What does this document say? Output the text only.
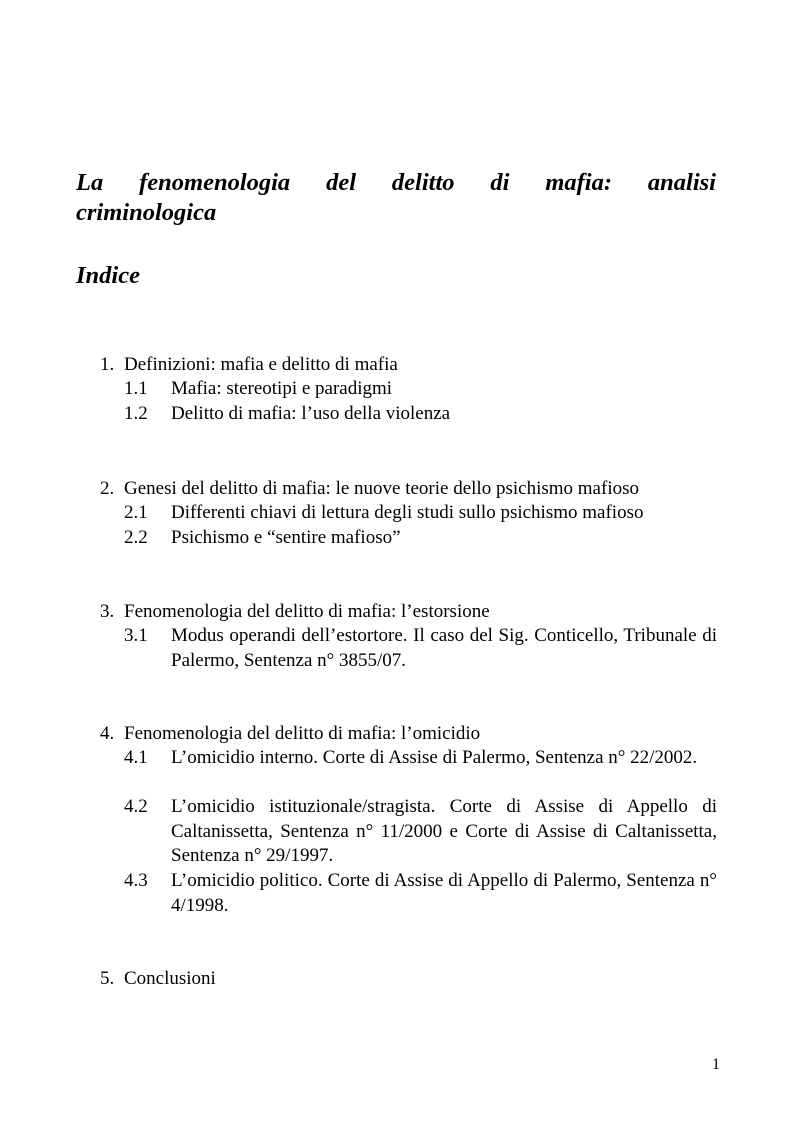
La fenomenologia del delitto di mafia: analisi
criminologica
Indice
1. Definizioni: mafia e delitto di mafia
1.1	Mafia: stereotipi e paradigmi
1.2	Delitto di mafia: l’uso della violenza
2. Genesi del delitto di mafia: le nuove teorie dello psichismo mafioso
2.1	Differenti chiavi di lettura degli studi sullo psichismo mafioso
2.2	Psichismo e “sentire mafioso”
3. Fenomenologia del delitto di mafia: l’estorsione
3.1	Modus operandi dell’estortore. Il caso del Sig. Conticello, Tribunale di Palermo, Sentenza n° 3855/07.
4. Fenomenologia del delitto di mafia: l’omicidio
4.1	L’omicidio interno. Corte di Assise di Palermo, Sentenza n° 22/2002.
4.2	L’omicidio istituzionale/stragista. Corte di Assise di Appello di Caltanissetta, Sentenza n° 11/2000 e Corte di Assise di Caltanissetta, Sentenza n° 29/1997.
4.3	L’omicidio politico. Corte di Assise di Appello di Palermo, Sentenza n° 4/1998.
5. Conclusioni
1
